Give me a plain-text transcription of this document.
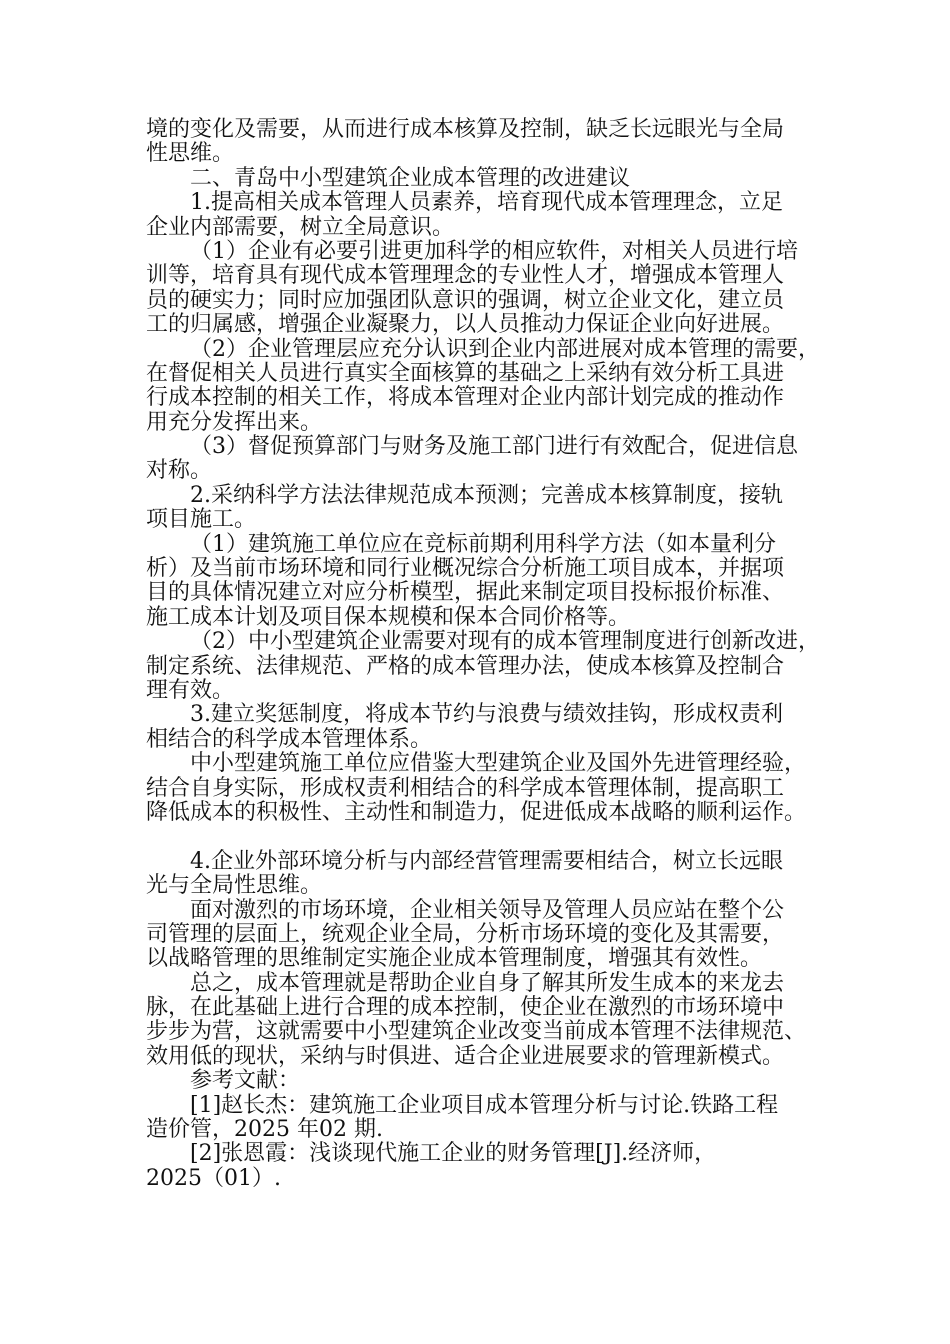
境的变化及需要，从而进行成本核算及控制，缺乏长远眼光与全局
性思维。
二、青岛中小型建筑企业成本管理的改进建议
1.提高相关成本管理人员素养，培育现代成本管理理念，立足
企业内部需要，树立全局意识。
（1）企业有必要引进更加科学的相应软件，对相关人员进行培
训等，培育具有现代成本管理理念的专业性人才，增强成本管理人
员的硬实力；同时应加强团队意识的强调，树立企业文化，建立员
工的归属感，增强企业凝聚力，以人员推动力保证企业向好进展。
（2）企业管理层应充分认识到企业内部进展对成本管理的需要，
在督促相关人员进行真实全面核算的基础之上采纳有效分析工具进
行成本控制的相关工作，将成本管理对企业内部计划完成的推动作
用充分发挥出来。
（3）督促预算部门与财务及施工部门进行有效配合，促进信息
对称。
2.采纳科学方法法律规范成本预测；完善成本核算制度，接轨
项目施工。
（1）建筑施工单位应在竞标前期利用科学方法（如本量利分
析）及当前市场环境和同行业概况综合分析施工项目成本，并据项
目的具体情况建立对应分析模型，据此来制定项目投标报价标准、
施工成本计划及项目保本规模和保本合同价格等。
（2）中小型建筑企业需要对现有的成本管理制度进行创新改进，
制定系统、法律规范、严格的成本管理办法，使成本核算及控制合
理有效。
3.建立奖惩制度，将成本节约与浪费与绩效挂钩，形成权责利
相结合的科学成本管理体系。
中小型建筑施工单位应借鉴大型建筑企业及国外先进管理经验，
结合自身实际，形成权责利相结合的科学成本管理体制，提高职工
降低成本的积极性、主动性和制造力，促进低成本战略的顺利运作。
4.企业外部环境分析与内部经营管理需要相结合，树立长远眼
光与全局性思维。
面对激烈的市场环境，企业相关领导及管理人员应站在整个公
司管理的层面上，统观企业全局，分析市场环境的变化及其需要，
以战略管理的思维制定实施企业成本管理制度，增强其有效性。
总之，成本管理就是帮助企业自身了解其所发生成本的来龙去
脉，在此基础上进行合理的成本控制，使企业在激烈的市场环境中
步步为营，这就需要中小型建筑企业改变当前成本管理不法律规范、
效用低的现状，采纳与时俱进、适合企业进展要求的管理新模式。
参考文献：
[1]赵长杰：建筑施工企业项目成本管理分析与讨论.铁路工程
造价管，2025 年02 期.
[2]张恩霞：浅谈现代施工企业的财务管理[J].经济师，
2025（01）.
